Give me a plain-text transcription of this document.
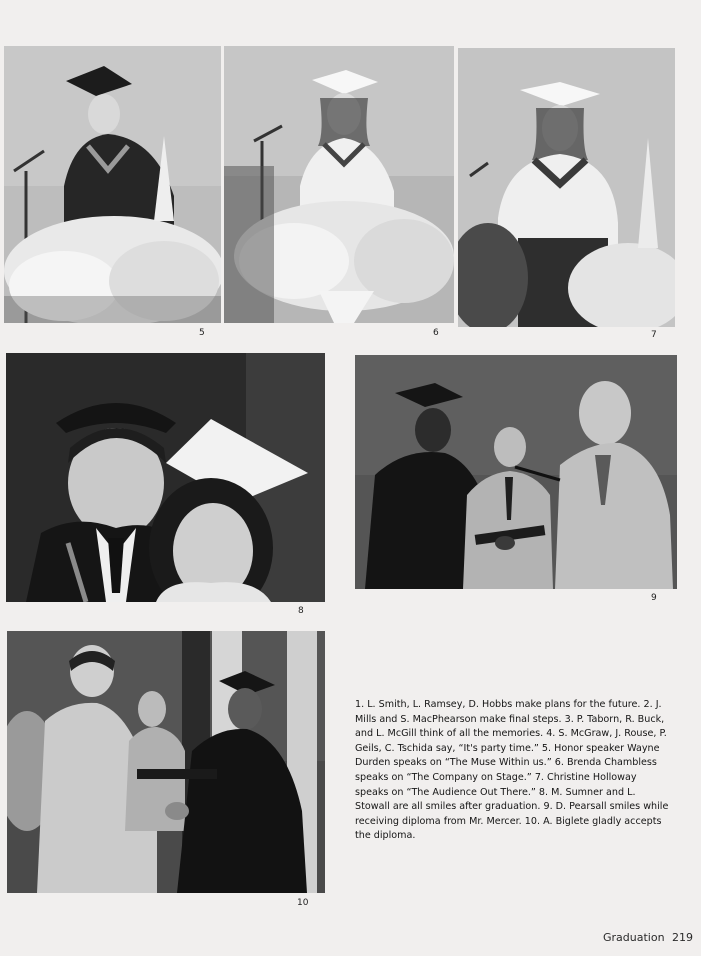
5	6	7
8
9
10
1. L. Smith, L. Ramsey, D. Hobbs make plans for the future. 2. J. Mills and S. MacPhearson make final steps. 3. P. Taborn, R. Buck, and L. McGill think of all the memories. 4. S. McGraw, J. Rouse, P. Geils, C. Tschida say, “It's party time.” 5. Honor speaker Wayne Durden speaks on “The Muse Within us.” 6. Brenda Chambless speaks on “The Company on Stage.” 7. Christine Holloway speaks on “The Audience Out There.” 8. M. Sumner and L. Stowall are all smiles after graduation. 9. D. Pearsall smiles while receiving diploma from Mr. Mercer. 10. A. Biglete gladly accepts the diploma.
Graduation 219
